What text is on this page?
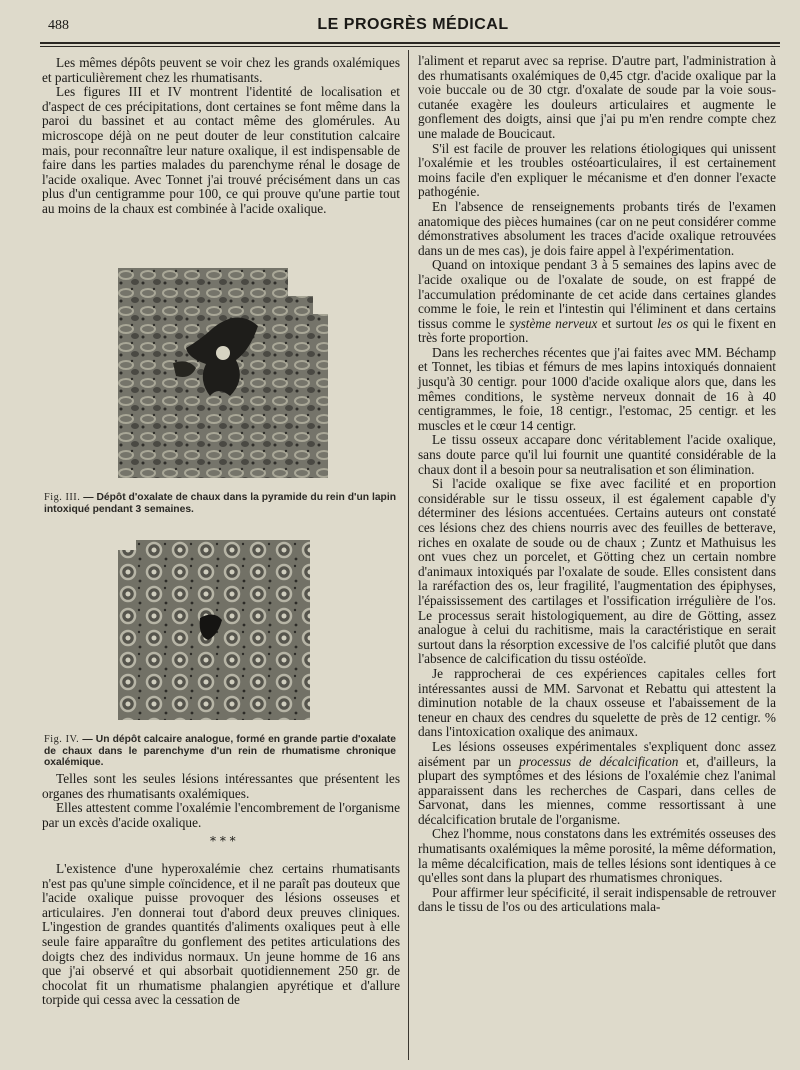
488	LE PROGRÈS MÉDICAL

Les mêmes dépôts peuvent se voir chez les grands oxalémiques et particulièrement chez les rhumatisants.

Les figures III et IV montrent l'identité de localisation et d'aspect de ces précipitations, dont certaines se font même dans la paroi du bassinet et au contact même des glomérules. Au microscope déjà on ne peut douter de leur constitution calcaire mais, pour reconnaître leur nature oxalique, il est indispensable de faire dans les parties malades du parenchyme rénal le dosage de l'acide oxalique. Avec Tonnet j'ai trouvé précisément dans un cas plus d'un centigramme pour 100, ce qui prouve qu'une partie tout au moins de la chaux est combinée à l'acide oxalique.

Fig. III. — Dépôt d'oxalate de chaux dans la pyramide du rein d'un lapin intoxiqué pendant 3 semaines.
Fig. IV. — Un dépôt calcaire analogue, formé en grande partie d'oxalate de chaux dans le parenchyme d'un rein de rhumatisme chronique oxalémique.

Telles sont les seules lésions intéressantes que présentent les organes des rhumatisants oxalémiques.

Elles attestent comme l'oxalémie l'encombrement de l'organisme par un excès d'acide oxalique.

* * *

L'existence d'une hyperoxalémie chez certains rhumatisants n'est pas qu'une simple coïncidence, et il ne paraît pas douteux que l'acide oxalique puisse provoquer des lésions osseuses et articulaires. J'en donnerai tout d'abord deux preuves cliniques. L'ingestion de grandes quantités d'aliments oxaliques peut à elle seule faire apparaître du gonflement des petites articulations des doigts chez des individus normaux. Un jeune homme de 16 ans que j'ai observé et qui absorbait quotidiennement 250 gr. de chocolat fit un rhumatisme phalangien apyrétique et d'allure torpide qui cessa avec la cessation de

l'aliment et reparut avec sa reprise. D'autre part, l'administration à des rhumatisants oxalémiques de 0,45 ctgr. d'acide oxalique par la voie buccale ou de 30 ctgr. d'oxalate de soude par la voie sous-cutanée exagère les douleurs articulaires et augmente le gonflement des doigts, ainsi que j'ai pu m'en rendre compte chez une malade de Boucicaut.

S'il est facile de prouver les relations étiologiques qui unissent l'oxalémie et les troubles ostéoarticulaires, il est certainement moins facile d'en expliquer le mécanisme et d'en donner l'exacte pathogénie.

En l'absence de renseignements probants tirés de l'examen anatomique des pièces humaines (car on ne peut considérer comme démonstratives absolument les traces d'acide oxalique retrouvées dans un de mes cas), je dois faire appel à l'expérimentation.

Quand on intoxique pendant 3 à 5 semaines des lapins avec de l'acide oxalique ou de l'oxalate de soude, on est frappé de l'accumulation prédominante de cet acide dans certaines glandes comme le foie, le rein et l'intestin qui l'éliminent et dans certains tissus comme le système nerveux et surtout les os qui le fixent en très forte proportion.

Dans les recherches récentes que j'ai faites avec MM. Béchamp et Tonnet, les tibias et fémurs de mes lapins intoxiqués donnaient jusqu'à 30 centigr. pour 1000 d'acide oxalique alors que, dans les mêmes conditions, le système nerveux donnait de 16 à 40 centigrammes, le foie, 18 centigr., l'estomac, 25 centigr. et les muscles et le cœur 14 centigr.

Le tissu osseux accapare donc véritablement l'acide oxalique, sans doute parce qu'il lui fournit une quantité considérable de la chaux dont il a besoin pour sa neutralisation et son élimination.

Si l'acide oxalique se fixe avec facilité et en proportion considérable sur le tissu osseux, il est également capable d'y déterminer des lésions accentuées. Certains auteurs ont constaté ces lésions chez des chiens nourris avec des feuilles de betterave, riches en oxalate de soude ou de chaux ; Zuntz et Mathuisus les ont vues chez un porcelet, et Götting chez un certain nombre d'animaux intoxiqués par l'oxalate de soude. Elles consistent dans la raréfaction des os, leur fragilité, l'augmentation des épiphyses, l'épaississement des cartilages et l'ossification irrégulière de l'os. Le processus serait histologiquement, au dire de Götting, assez analogue à celui du rachitisme, mais la caractéristique en serait surtout dans la résorption excessive de l'os calcifié plutôt que dans l'absence de calcification du tissu ostéoïde.

Je rapprocherai de ces expériences capitales celles fort intéressantes aussi de MM. Sarvonat et Rebattu qui attestent la diminution notable de la chaux osseuse et l'abaissement de la teneur en chaux des cendres du squelette de près de 12 centigr. % dans l'intoxication oxalique des animaux.

Les lésions osseuses expérimentales s'expliquent donc assez aisément par un processus de décalcification et, d'ailleurs, la plupart des symptômes et des lésions de l'oxalémie chez l'animal apparaissent dans les recherches de Caspari, dans celles de Sarvonat, dans les miennes, comme ressortissant à une décalcification brutale de l'organisme.

Chez l'homme, nous constatons dans les extrémités osseuses des rhumatisants oxalémiques la même porosité, la même déformation, la même décalcification, mais de telles lésions sont identiques à ce qu'elles sont dans la plupart des rhumatismes chroniques.

Pour affirmer leur spécificité, il serait indispensable de retrouver dans le tissu de l'os ou des articulations mala-
